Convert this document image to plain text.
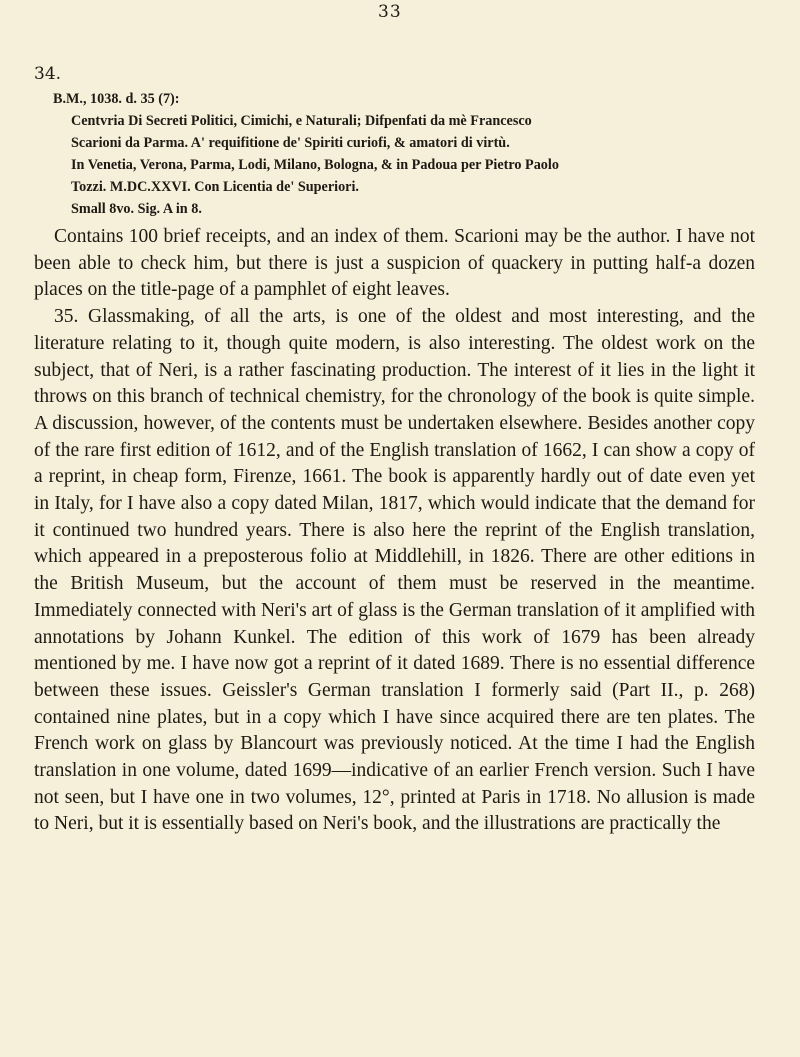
33
34.
B.M., 1038. d. 35 (7):
Centvria Di Secreti Politici, Cimichi, e Naturali; Difpenfati da mè Francesco
Scarioni da Parma. A' requifitione de' Spiriti curiofi, & amatori di virtù.
In Venetia, Verona, Parma, Lodi, Milano, Bologna, & in Padoua per Pietro Paolo
Tozzi. M.DC.XXVI. Con Licentia de' Superiori.
Small 8vo. Sig. A in 8.

Contains 100 brief receipts, and an index of them. Scarioni may be the author. I have not been able to check him, but there is just a suspicion of quackery in putting half-a dozen places on the title-page of a pamphlet of eight leaves.

35. Glassmaking, of all the arts, is one of the oldest and most interesting, and the literature relating to it, though quite modern, is also interesting. The oldest work on the subject, that of Neri, is a rather fascinating production. The interest of it lies in the light it throws on this branch of technical chemistry, for the chronology of the book is quite simple. A discussion, however, of the contents must be undertaken elsewhere. Besides another copy of the rare first edition of 1612, and of the English translation of 1662, I can show a copy of a reprint, in cheap form, Firenze, 1661. The book is apparently hardly out of date even yet in Italy, for I have also a copy dated Milan, 1817, which would indicate that the demand for it continued two hundred years. There is also here the reprint of the English translation, which appeared in a preposterous folio at Middlehill, in 1826. There are other editions in the British Museum, but the account of them must be reserved in the meantime. Immediately connected with Neri's art of glass is the German translation of it amplified with annotations by Johann Kunkel. The edition of this work of 1679 has been already mentioned by me. I have now got a reprint of it dated 1689. There is no essential difference between these issues. Geissler's German translation I formerly said (Part II., p. 268) contained nine plates, but in a copy which I have since acquired there are ten plates. The French work on glass by Blancourt was previously noticed. At the time I had the English translation in one volume, dated 1699—indicative of an earlier French version. Such I have not seen, but I have one in two volumes, 12°, printed at Paris in 1718. No allusion is made to Neri, but it is essentially based on Neri's book, and the illustrations are practically the
